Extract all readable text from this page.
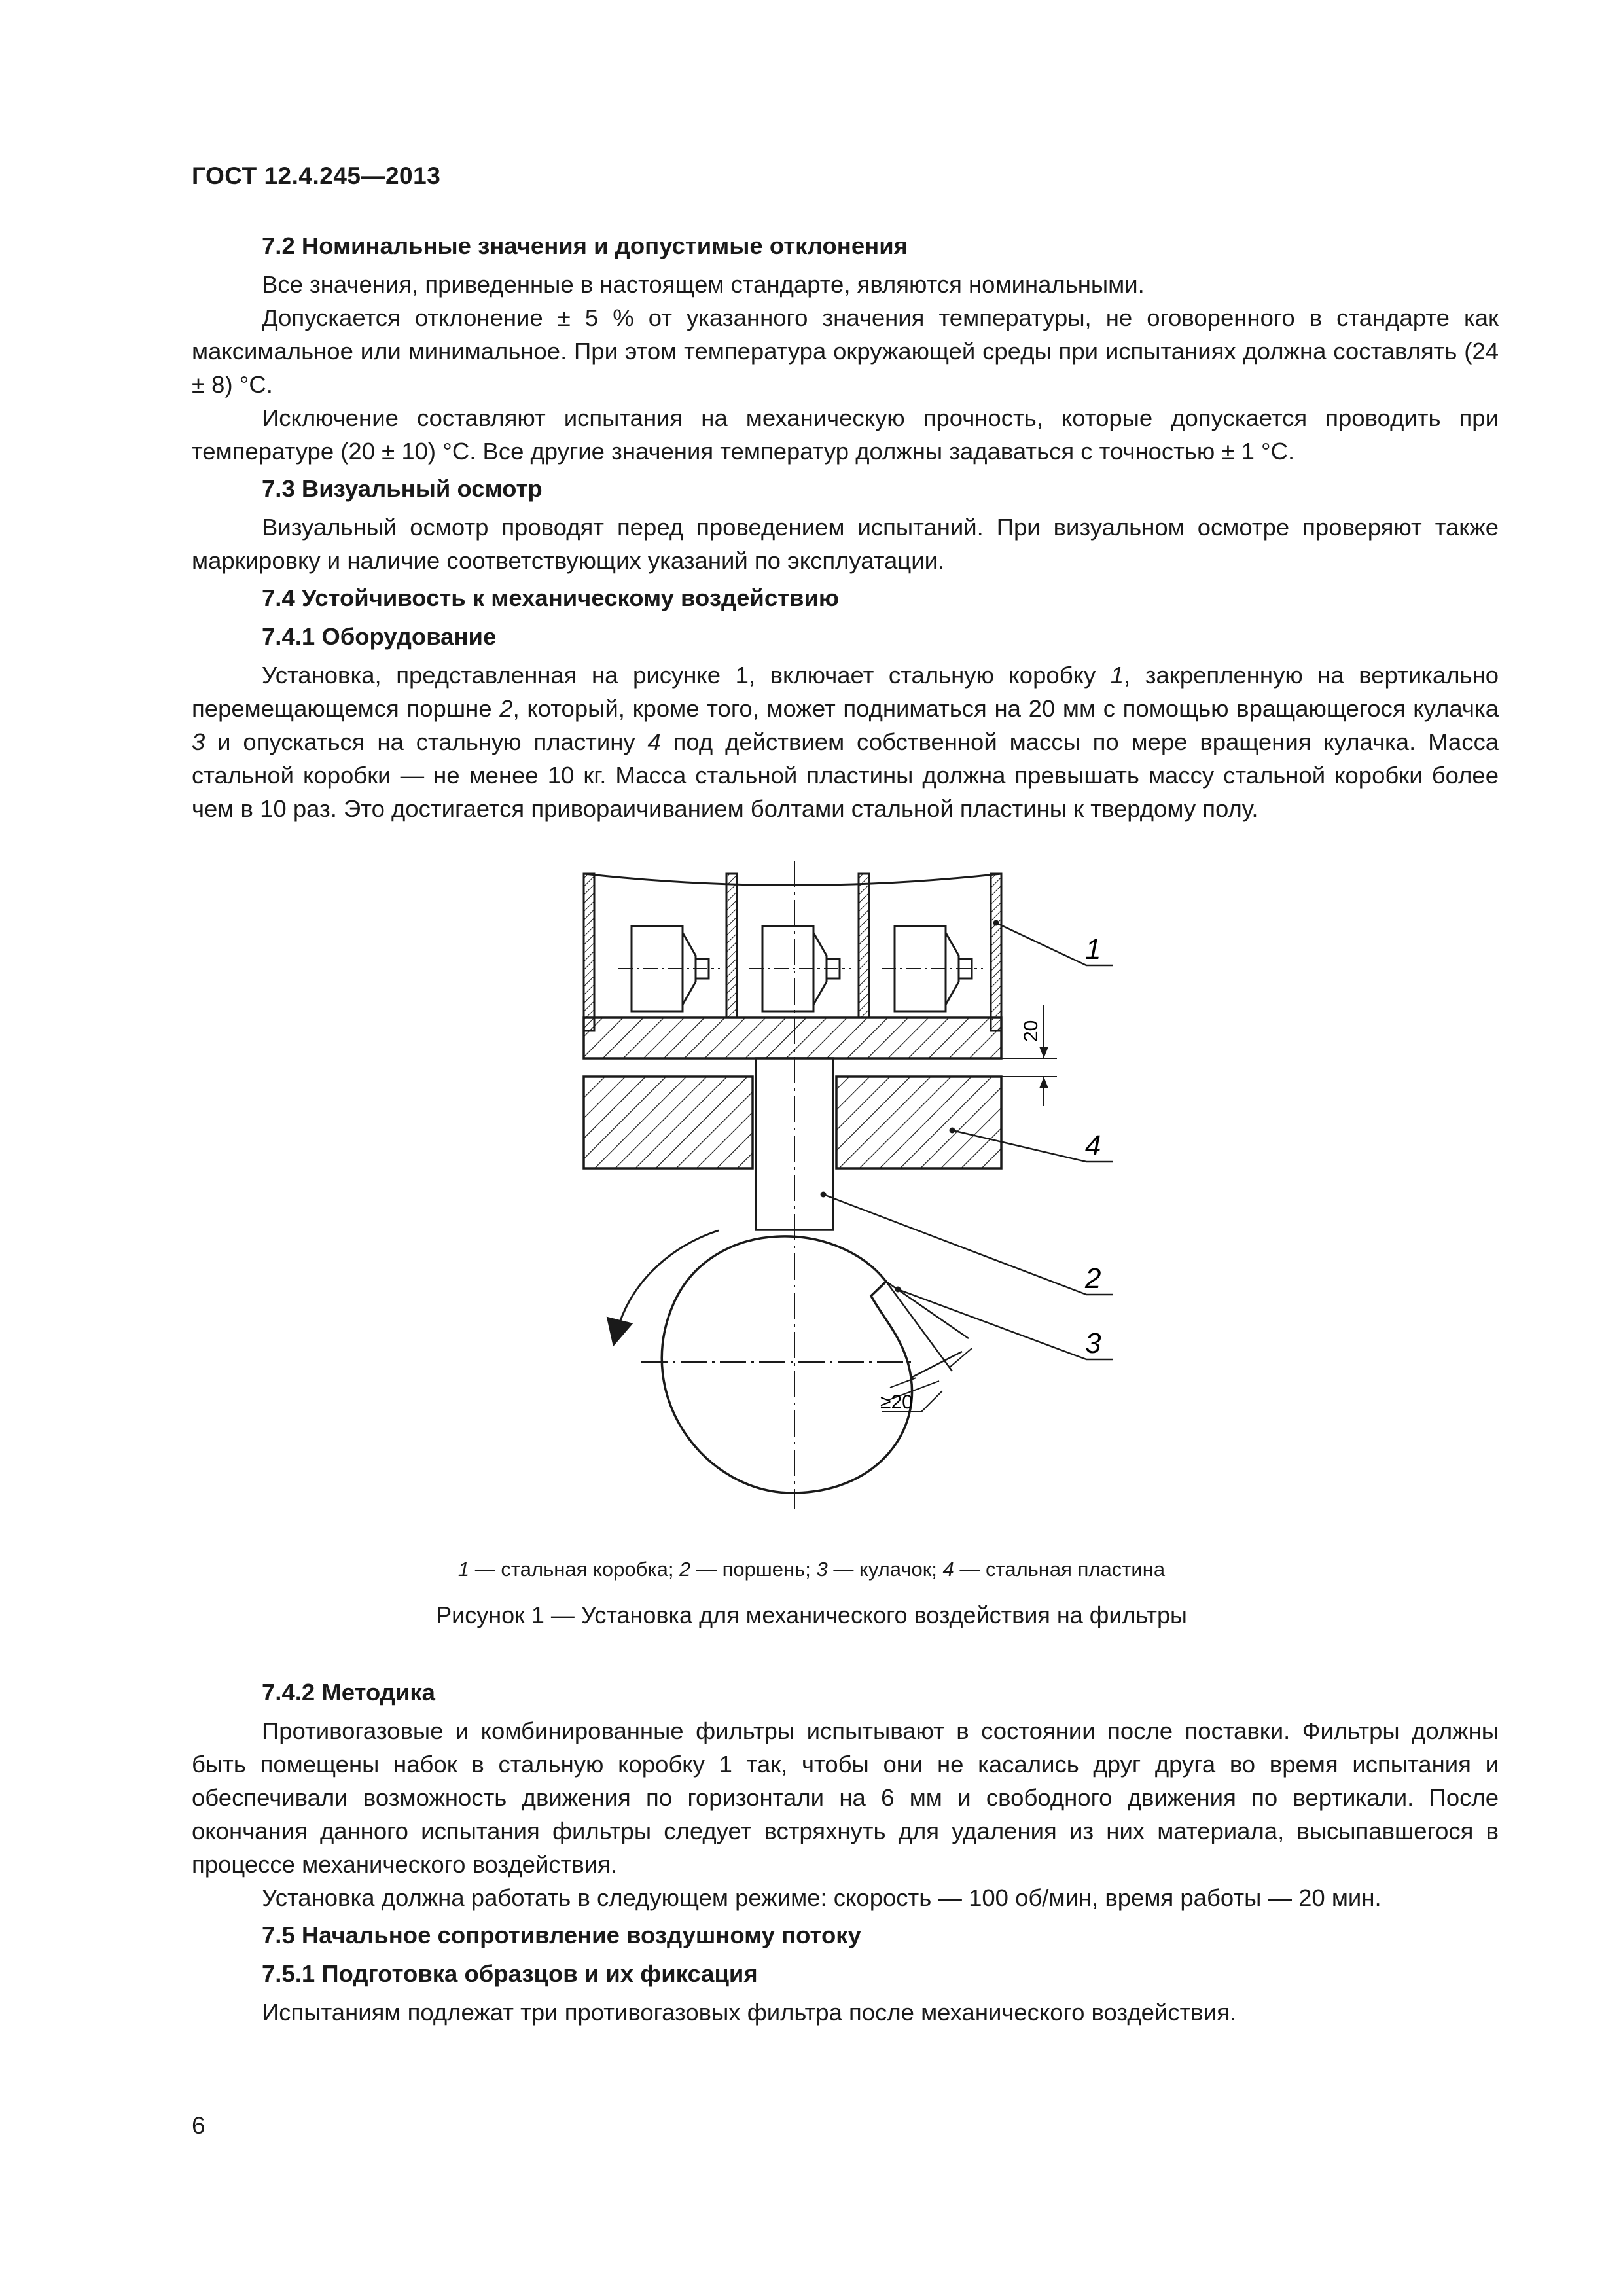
ГОСТ 12.4.245—2013

7.2 Номинальные значения и допустимые отклонения

Все значения, приведенные в настоящем стандарте, являются номинальными.

Допускается отклонение ± 5 % от указанного значения температуры, не оговоренного в стандарте как максимальное или минимальное. При этом температура окружающей среды при испытаниях должна составлять (24 ± 8) °С.

Исключение составляют испытания на механическую прочность, которые допускается проводить при температуре (20 ± 10) °С. Все другие значения температур должны задаваться с точностью ± 1 °С.

7.3 Визуальный осмотр

Визуальный осмотр проводят перед проведением испытаний. При визуальном осмотре проверяют также маркировку и наличие соответствующих указаний по эксплуатации.

7.4 Устойчивость к механическому воздействию

7.4.1 Оборудование

Установка, представленная на рисунке 1, включает стальную коробку 1, закрепленную на вертикально перемещающемся поршне 2, который, кроме того, может подниматься на 20 мм с помощью вращающегося кулачка 3 и опускаться на стальную пластину 4 под действием собственной массы по мере вращения кулачка. Масса стальной коробки — не менее 10 кг. Масса стальной пластины должна превышать массу стальной коробки более чем в 10 раз. Это достигается привораичиванием болтами стальной пластины к твердому полу.

≥20
20
1
4
2
3
1 — стальная коробка; 2 — поршень; 3 — кулачок; 4 — стальная пластина
Рисунок 1 — Установка для механического воздействия на фильтры

7.4.2 Методика

Противогазовые и комбинированные фильтры испытывают в состоянии после поставки. Фильтры должны быть помещены набок в стальную коробку 1 так, чтобы они не касались друг друга во время испытания и обеспечивали возможность движения по горизонтали на 6 мм и свободного движения по вертикали. После окончания данного испытания фильтры следует встряхнуть для удаления из них материала, высыпавшегося в процессе механического воздействия.

Установка должна работать в следующем режиме: скорость — 100 об/мин, время работы — 20 мин.

7.5 Начальное сопротивление воздушному потоку

7.5.1 Подготовка образцов и их фиксация

Испытаниям подлежат три противогазовых фильтра после механического воздействия.

6
